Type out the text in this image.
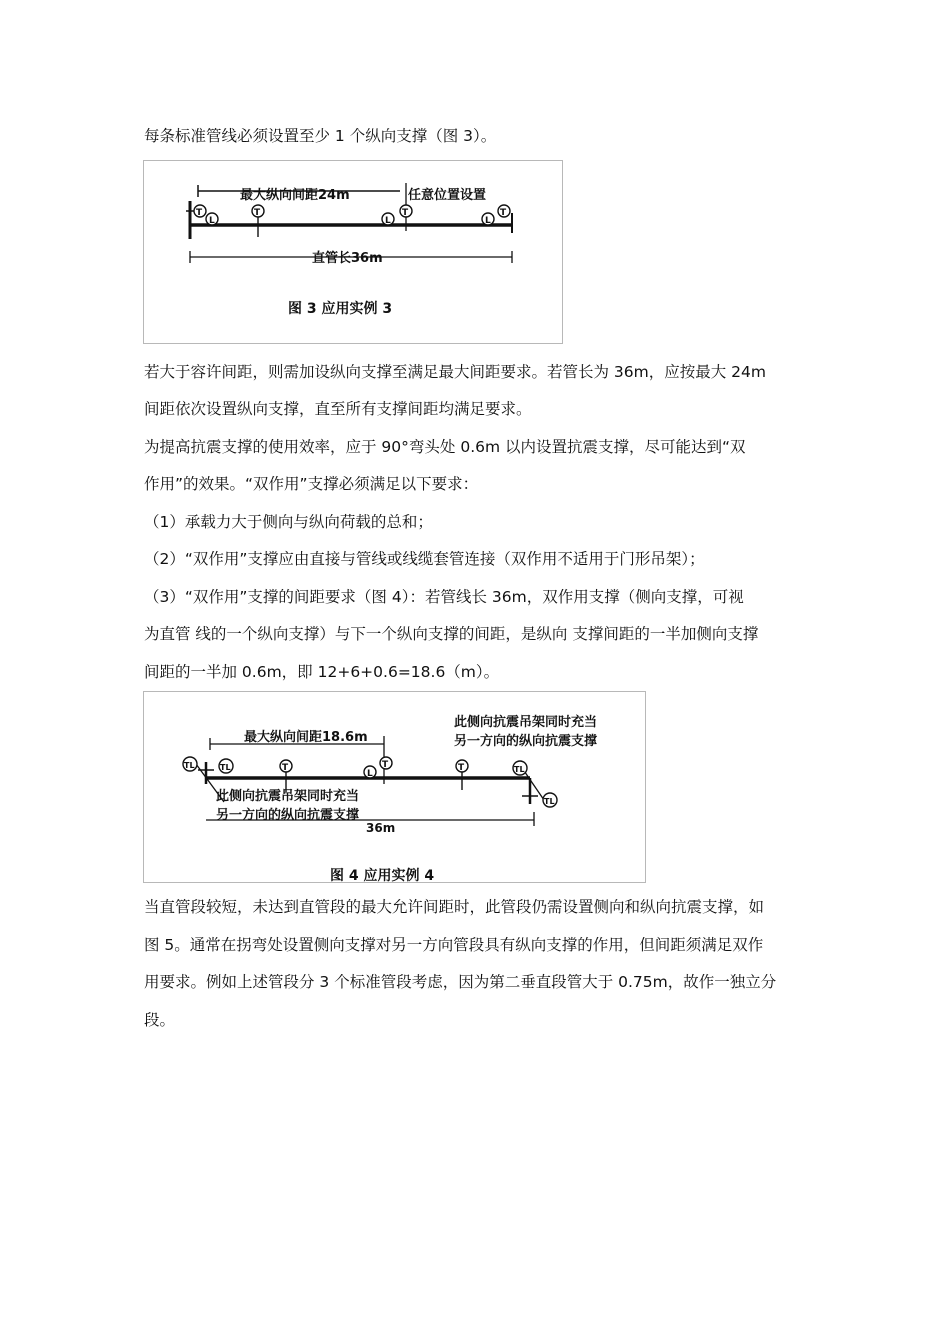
每条标准管线必须设置至少 1 个纵向支撑（图 3）。
最大纵向间距24m	任意位置设置
T
L
T
L
T
L
T
直管长36m
图 3 应用实例 3
若大于容许间距，则需加设纵向支撑至满足最大间距要求。若管长为 36m，应按最大 24m
间距依次设置纵向支撑，直至所有支撑间距均满足要求。
为提高抗震支撑的使用效率，应于 90°弯头处 0.6m 以内设置抗震支撑，尽可能达到“双
作用”的效果。“双作用”支撑必须满足以下要求：
（1）承载力大于侧向与纵向荷载的总和；
（2）“双作用”支撑应由直接与管线或线缆套管连接（双作用不适用于门形吊架）；
（3）“双作用”支撑的间距要求（图 4）：若管线长 36m，双作用支撑（侧向支撑，可视
为直管 线的一个纵向支撑）与下一个纵向支撑的间距，是纵向 支撑间距的一半加侧向支撑
间距的一半加 0.6m，即 12+6+0.6=18.6（m）。
此侧向抗震吊架同时充当
另一方向的纵向抗震支撑
最大纵向间距18.6m
TL	TL	T
L
T	T	TL
TL
此侧向抗震吊架同时充当
另一方向的纵向抗震支撑
36m
图 4 应用实例 4
当直管段较短，未达到直管段的最大允许间距时，此管段仍需设置侧向和纵向抗震支撑，如
图 5。通常在拐弯处设置侧向支撑对另一方向管段具有纵向支撑的作用，但间距须满足双作
用要求。例如上述管段分 3 个标准管段考虑，因为第二垂直段管大于 0.75m，故作一独立分
段。
